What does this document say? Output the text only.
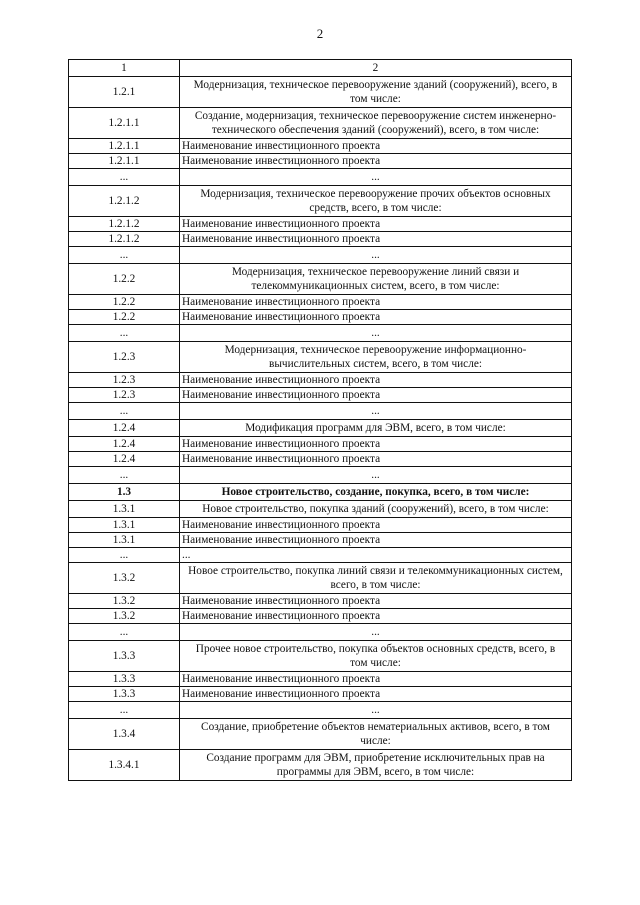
2
1	2
1.2.1	Модернизация, техническое перевооружение зданий (сооружений), всего, в том числе:
1.2.1.1	Создание, модернизация, техническое перевооружение систем инженерно-технического обеспечения зданий (сооружений), всего, в том числе:
1.2.1.1	Наименование инвестиционного проекта
1.2.1.1	Наименование инвестиционного проекта
...	...
1.2.1.2	Модернизация, техническое перевооружение прочих объектов основных средств, всего, в том числе:
1.2.1.2	Наименование инвестиционного проекта
1.2.1.2	Наименование инвестиционного проекта
...	...
1.2.2	Модернизация, техническое перевооружение линий связи и телекоммуникационных систем, всего, в том числе:
1.2.2	Наименование инвестиционного проекта
1.2.2	Наименование инвестиционного проекта
...	...
1.2.3	Модернизация, техническое перевооружение информационно-вычислительных систем, всего, в том числе:
1.2.3	Наименование инвестиционного проекта
1.2.3	Наименование инвестиционного проекта
...	...
1.2.4	Модификация программ для ЭВМ, всего, в том числе:
1.2.4	Наименование инвестиционного проекта
1.2.4	Наименование инвестиционного проекта
...	...
1.3	Новое строительство, создание, покупка, всего, в том числе:
1.3.1	Новое строительство, покупка зданий (сооружений), всего, в том числе:
1.3.1	Наименование инвестиционного проекта
1.3.1	Наименование инвестиционного проекта
...	...
1.3.2	Новое строительство, покупка линий связи и телекоммуникационных систем, всего, в том числе:
1.3.2	Наименование инвестиционного проекта
1.3.2	Наименование инвестиционного проекта
...	...
1.3.3	Прочее новое строительство, покупка объектов основных средств, всего, в том числе:
1.3.3	Наименование инвестиционного проекта
1.3.3	Наименование инвестиционного проекта
...	...
1.3.4	Создание, приобретение объектов нематериальных активов, всего, в том числе:
1.3.4.1	Создание программ для ЭВМ, приобретение исключительных прав на программы для ЭВМ, всего, в том числе:
